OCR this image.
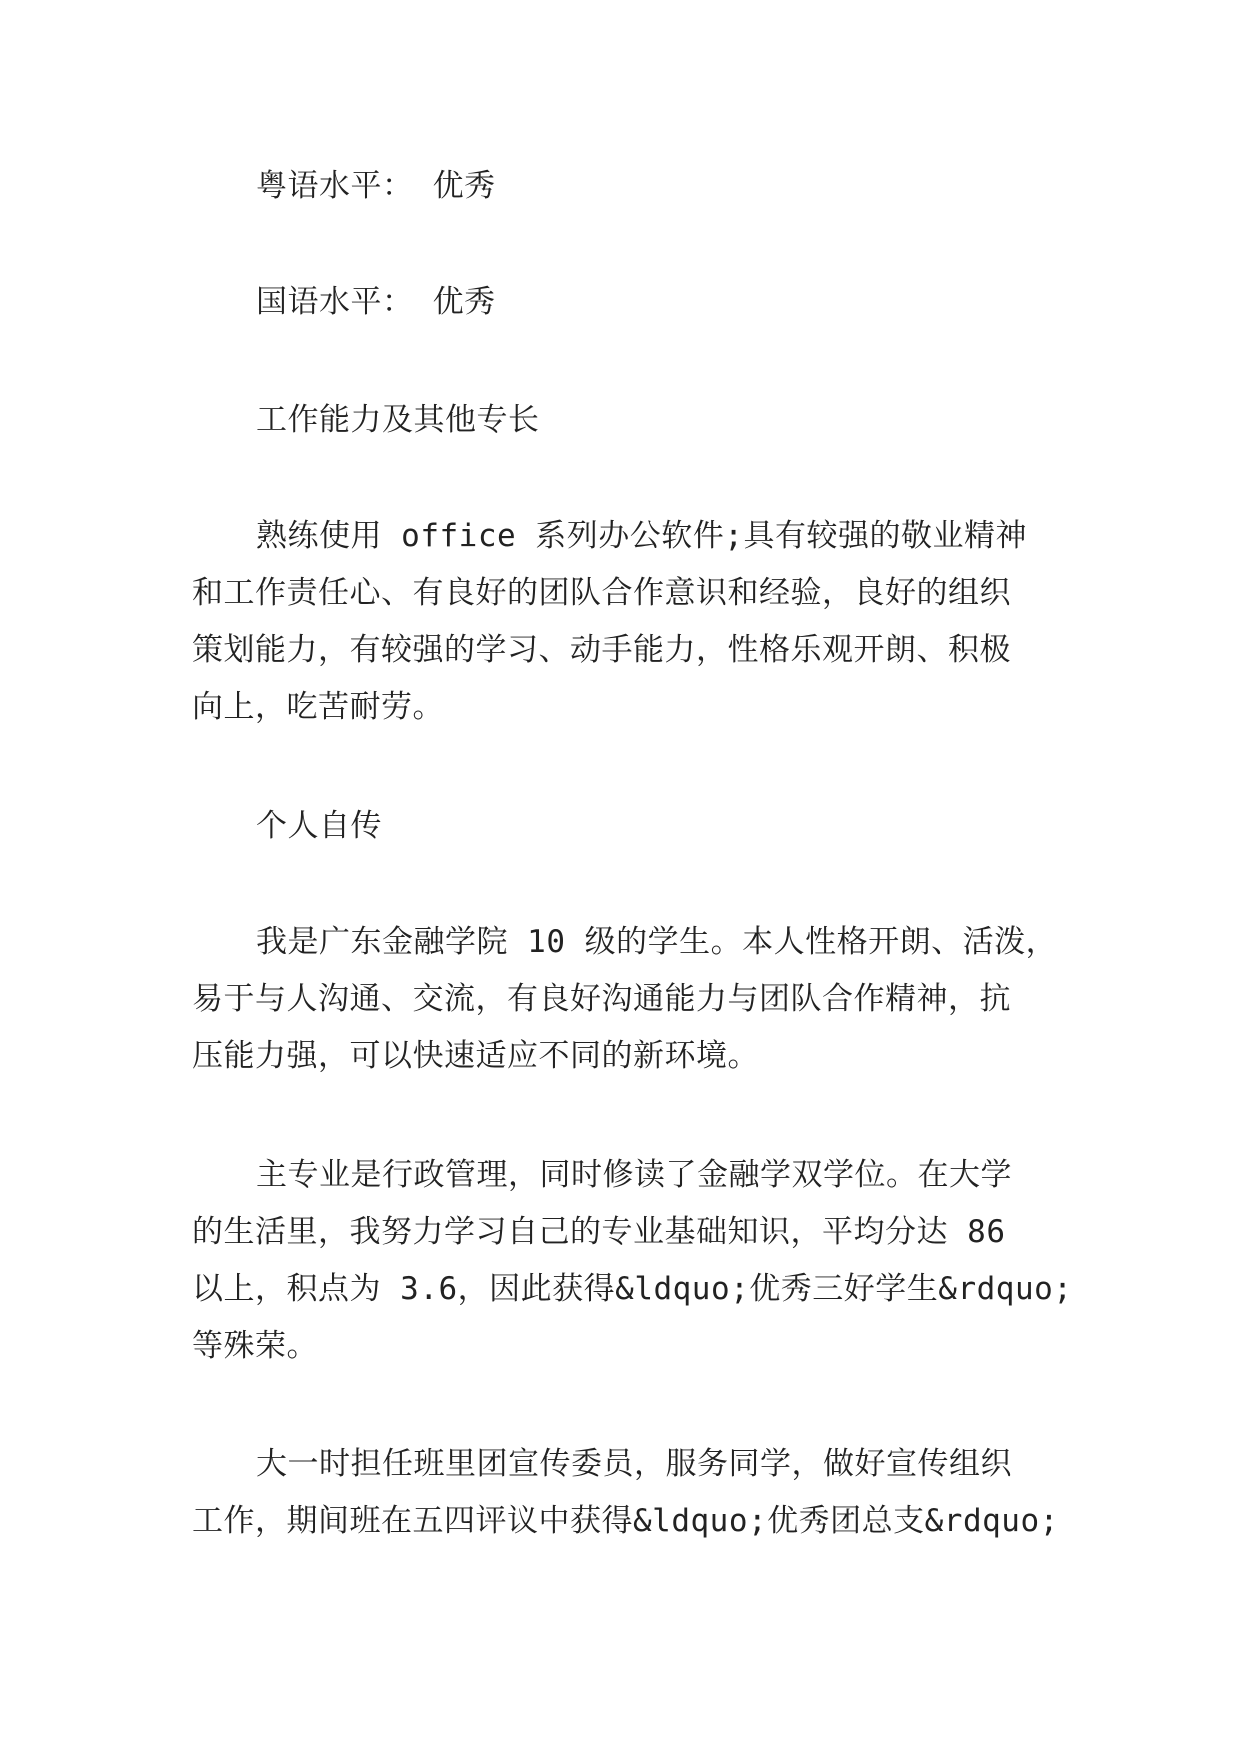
粤语水平： 优秀
国语水平： 优秀
工作能力及其他专长
熟练使用 office 系列办公软件;具有较强的敬业精神
和工作责任心、有良好的团队合作意识和经验，良好的组织
策划能力，有较强的学习、动手能力，性格乐观开朗、积极
向上，吃苦耐劳。
个人自传
我是广东金融学院 10 级的学生。本人性格开朗、活泼，
易于与人沟通、交流，有良好沟通能力与团队合作精神，抗
压能力强，可以快速适应不同的新环境。
主专业是行政管理，同时修读了金融学双学位。在大学
的生活里，我努力学习自己的专业基础知识，平均分达 86
以上，积点为 3.6，因此获得&ldquo;优秀三好学生&rdquo;
等殊荣。
大一时担任班里团宣传委员，服务同学，做好宣传组织
工作，期间班在五四评议中获得&ldquo;优秀团总支&rdquo;
